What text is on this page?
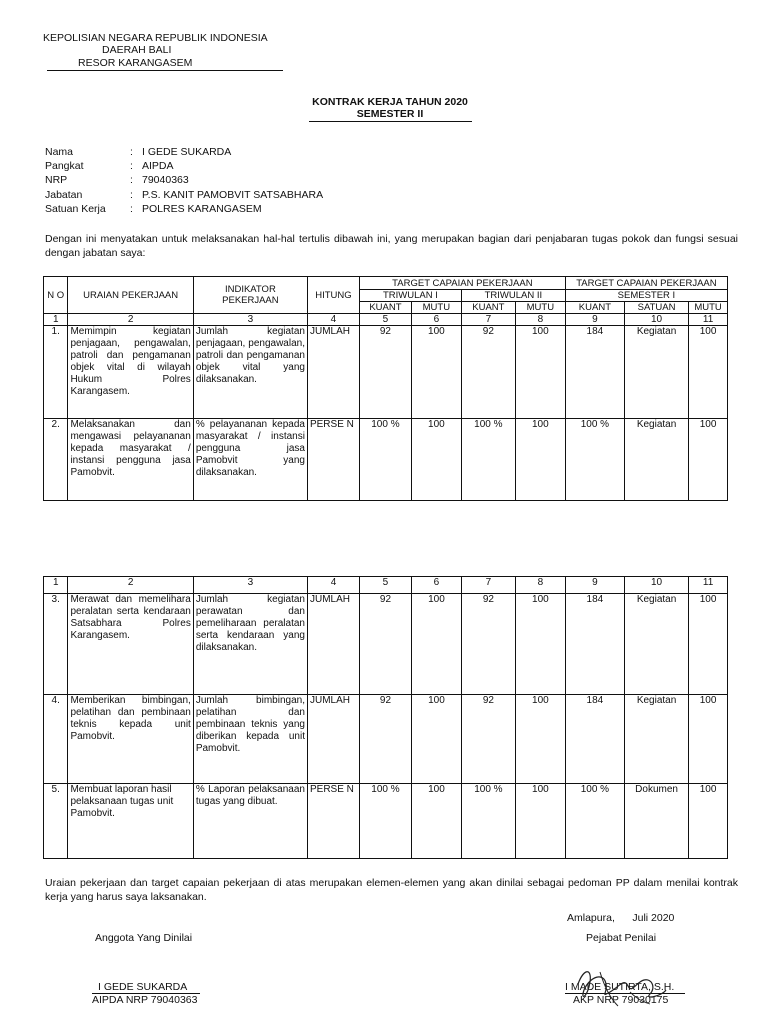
KEPOLISIAN NEGARA REPUBLIK INDONESIA
DAERAH BALI
RESOR KARANGASEM
KONTRAK KERJA TAHUN 2020
SEMESTER II
Nama	: I GEDE SUKARDA
Pangkat	: AIPDA
NRP	: 79040363
Jabatan	: P.S. KANIT PAMOBVIT SATSABHARA
Satuan Kerja : POLRES KARANGASEM
Dengan ini menyatakan untuk melaksanakan hal-hal tertulis dibawah ini, yang merupakan bagian dari penjabaran tugas pokok dan fungsi sesuai dengan jabatan saya:
N O	URAIAN PEKERJAAN	INDIKATOR PEKERJAAN	HITUNG	TARGET CAPAIAN PEKERJAAN				TARGET CAPAIAN PEKERJAAN		
				TRIWULAN I		TRIWULAN II		SEMESTER I		
				KUANT	MUTU	KUANT	MUTU	KUANT	SATUAN	MUTU
1	2	3	4	5	6	7	8	9	10	11
1.	Memimpin kegiatan penjagaan, pengawalan, patroli dan pengamanan objek vital di wilayah Hukum Polres Karangasem.	Jumlah kegiatan penjagaan, pengawalan, patroli dan pengamanan objek vital yang dilaksanakan.	JUMLAH	92	100	92	100	184	Kegiatan	100
2.	Melaksanakan dan mengawasi pelayananan kepada masyarakat / instansi pengguna jasa Pamobvit.	% pelayananan kepada masyarakat / instansi pengguna jasa Pamobvit yang dilaksanakan.	PERSE N	100 %	100	100 %	100	100 %	Kegiatan	100
1	2	3	4	5	6	7	8	9	10	11
3.	Merawat dan memelihara peralatan serta kendaraan Satsabhara Polres Karangasem.	Jumlah kegiatan perawatan dan pemeliharaan peralatan serta kendaraan yang dilaksanakan.	JUMLAH	92	100	92	100	184	Kegiatan	100
4.	Memberikan bimbingan, pelatihan dan pembinaan teknis kepada unit Pamobvit.	Jumlah bimbingan, pelatihan dan pembinaan teknis yang diberikan kepada unit Pamobvit.	JUMLAH	92	100	92	100	184	Kegiatan	100
5.	Membuat laporan hasil pelaksanaan tugas unit Pamobvit.	% Laporan pelaksanaan tugas yang dibuat.	PERSE N	100 %	100	100 %	100	100 %	Dokumen	100
Uraian pekerjaan dan target capaian pekerjaan di atas merupakan elemen-elemen yang akan dinilai sebagai pedoman PP dalam menilai kontrak kerja yang harus saya laksanakan.
Amlapura,      Juli 2020
Anggota Yang Dinilai	Pejabat Penilai
I GEDE SUKARDA
AIPDA NRP 79040363
I MADE SUTIRTA, S.H.
AKP NRP 79030175
